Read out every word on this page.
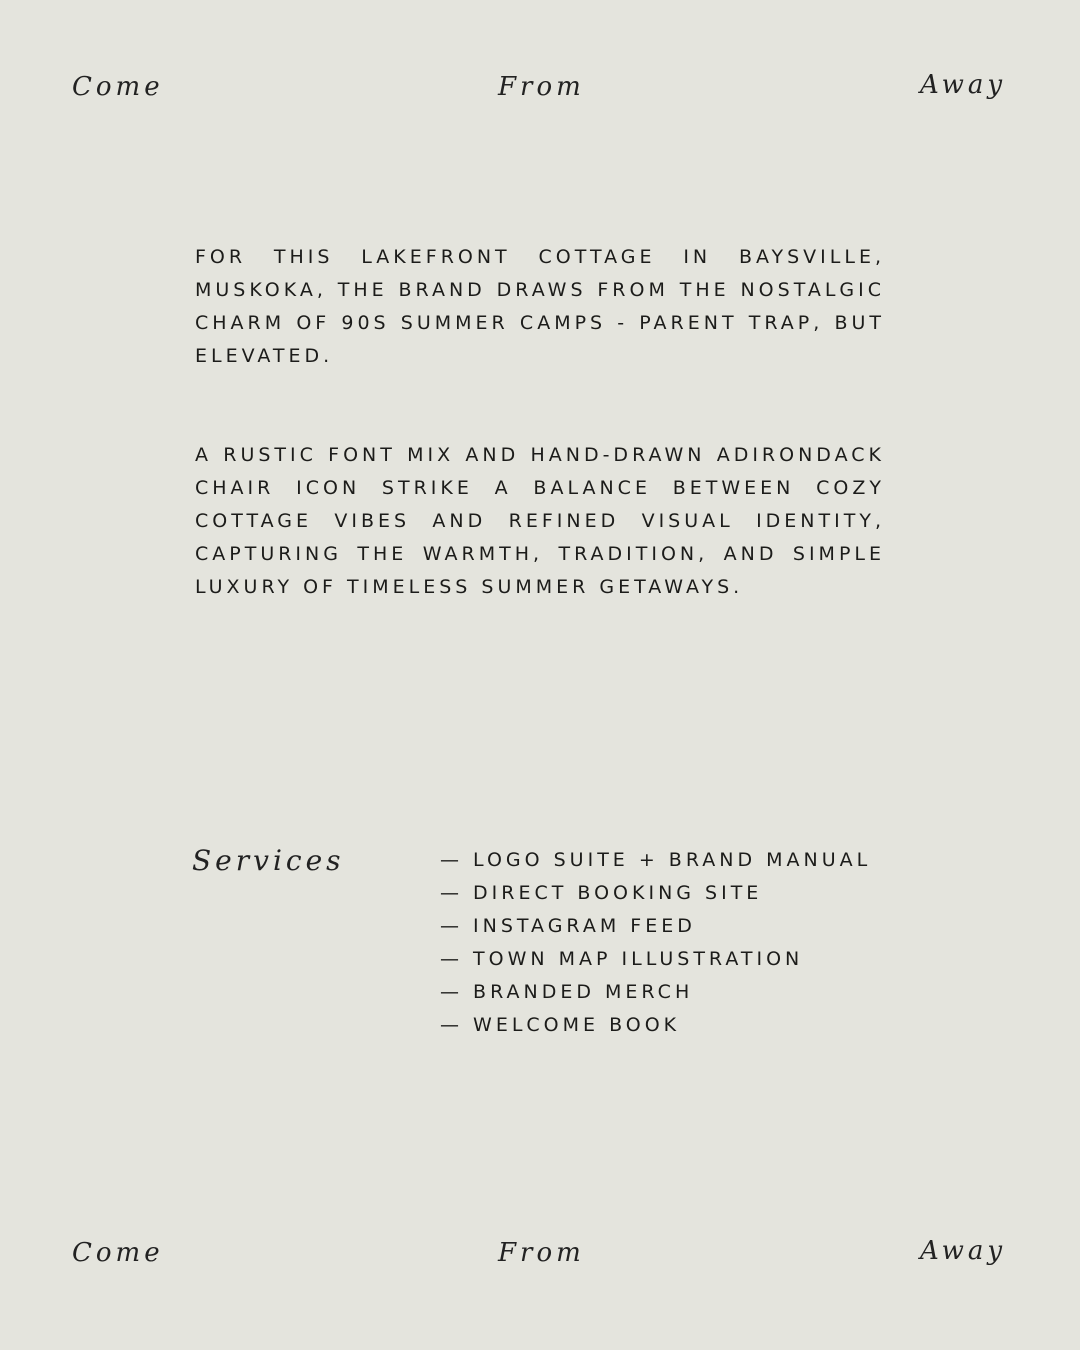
Come	From	Away

FOR THIS LAKEFRONT COTTAGE IN BAYSVILLE, MUSKOKA, THE BRAND DRAWS FROM THE NOSTALGIC CHARM OF 90S SUMMER CAMPS - PARENT TRAP, BUT ELEVATED.

A RUSTIC FONT MIX AND HAND-DRAWN ADIRONDACK CHAIR ICON STRIKE A BALANCE BETWEEN COZY COTTAGE VIBES AND REFINED VISUAL IDENTITY, CAPTURING THE WARMTH, TRADITION, AND SIMPLE LUXURY OF TIMELESS SUMMER GETAWAYS.

Services	— LOGO SUITE + BRAND MANUAL
— DIRECT BOOKING SITE
— INSTAGRAM FEED
— TOWN MAP ILLUSTRATION
— BRANDED MERCH
— WELCOME BOOK
Come	From	Away
